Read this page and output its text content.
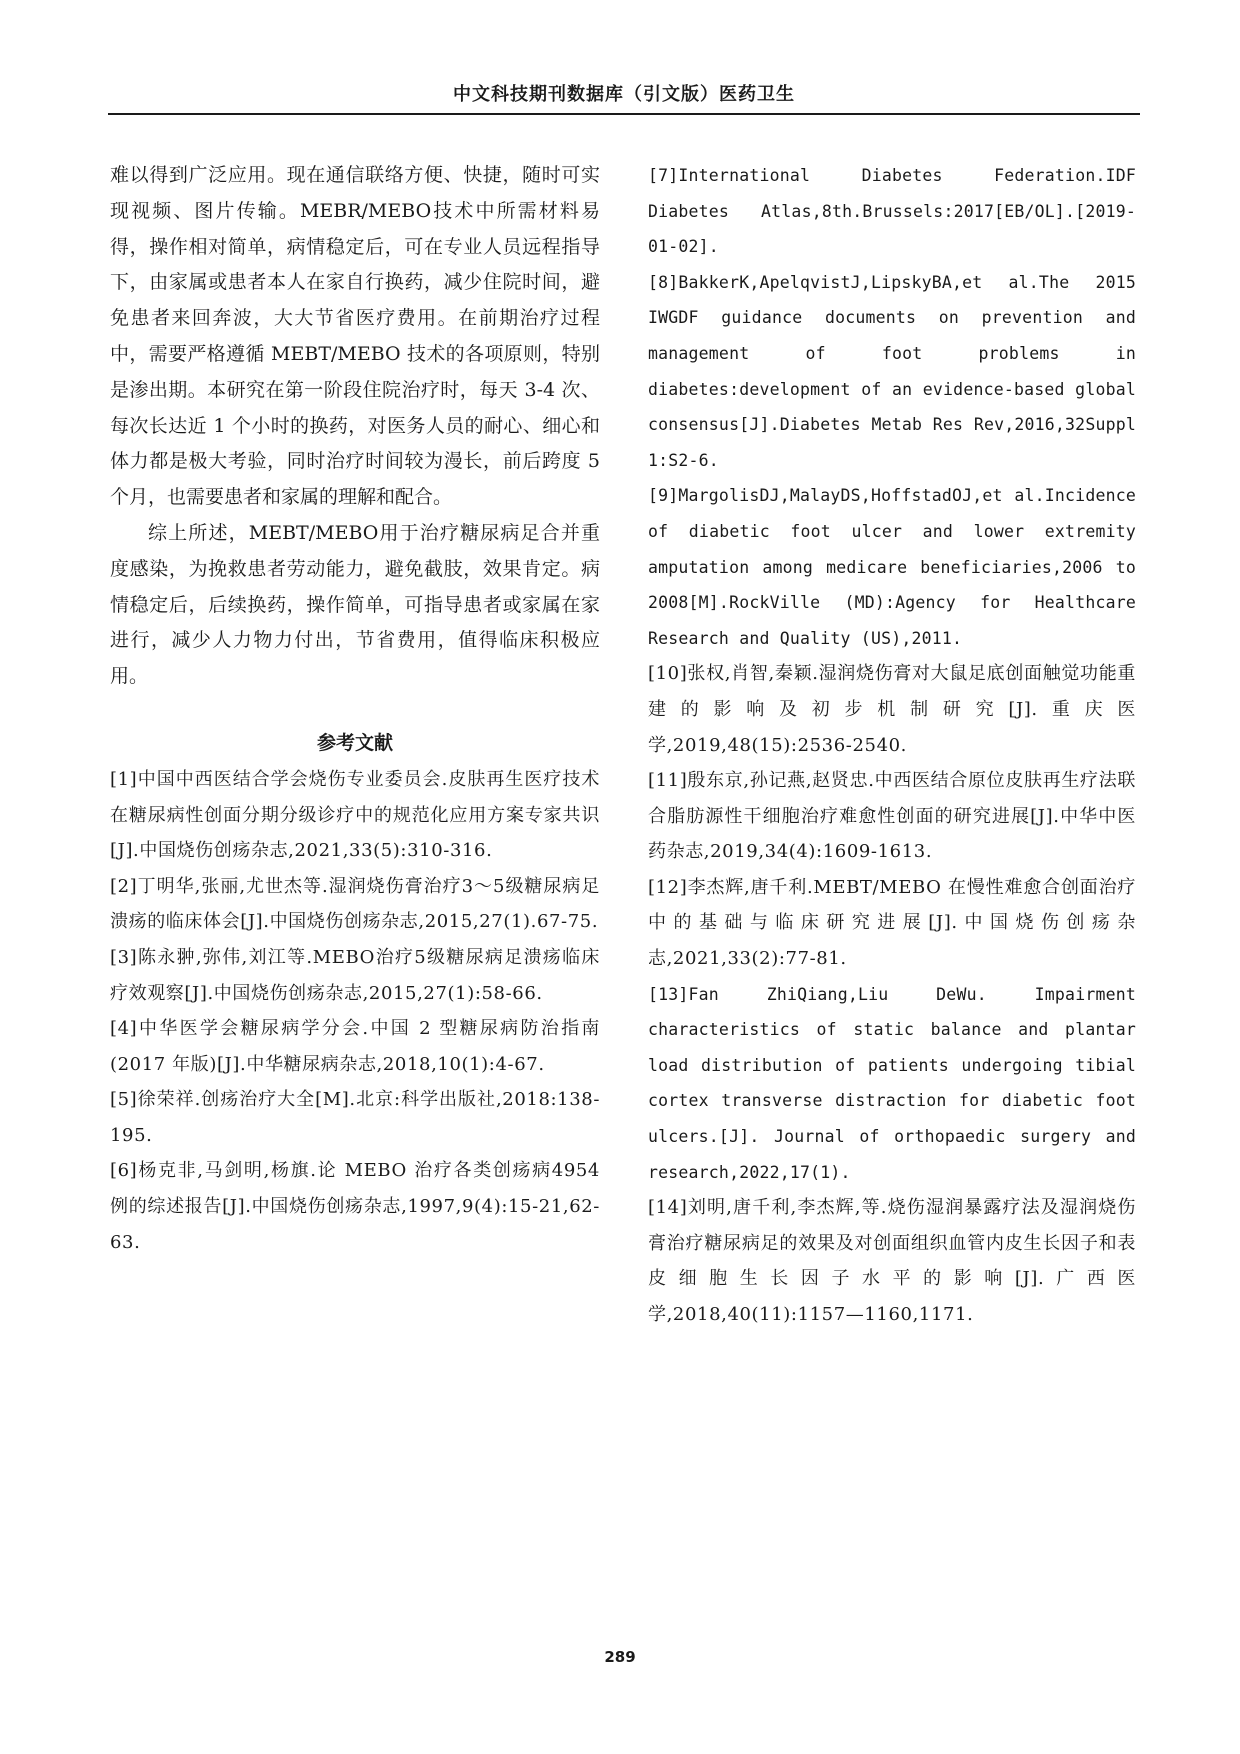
中文科技期刊数据库（引文版）医药卫生

难以得到广泛应用。现在通信联络方便、快捷，随时可实现视频、图片传输。MEBR/MEBO技术中所需材料易得，操作相对简单，病情稳定后，可在专业人员远程指导下，由家属或患者本人在家自行换药，减少住院时间，避免患者来回奔波，大大节省医疗费用。在前期治疗过程中，需要严格遵循 MEBT/MEBO 技术的各项原则，特别是渗出期。本研究在第一阶段住院治疗时，每天 3-4 次、每次长达近 1 个小时的换药，对医务人员的耐心、细心和体力都是极大考验，同时治疗时间较为漫长，前后跨度 5 个月，也需要患者和家属的理解和配合。

综上所述，MEBT/MEBO用于治疗糖尿病足合并重度感染，为挽救患者劳动能力，避免截肢，效果肯定。病情稳定后，后续换药，操作简单，可指导患者或家属在家进行，减少人力物力付出，节省费用，值得临床积极应用。

参考文献

[1]中国中西医结合学会烧伤专业委员会.皮肤再生医疗技术在糖尿病性创面分期分级诊疗中的规范化应用方案专家共识[J].中国烧伤创疡杂志,2021,33(5):310-316.

[2]丁明华,张丽,尤世杰等.湿润烧伤膏治疗3～5级糖尿病足溃疡的临床体会[J].中国烧伤创疡杂志,2015,27(1).67-75.

[3]陈永翀,弥伟,刘江等.MEBO治疗5级糖尿病足溃疡临床疗效观察[J].中国烧伤创疡杂志,2015,27(1):58-66.

[4]中华医学会糖尿病学分会.中国 2 型糖尿病防治指南 (2017 年版)[J].中华糖尿病杂志,2018,10(1):4-67.

[5]徐荣祥.创疡治疗大全[M].北京:科学出版社,2018:138-195.

[6]杨克非,马剑明,杨旗.论 MEBO 治疗各类创疡病4954 例的综述报告[J].中国烧伤创疡杂志,1997,9(4):15-21,62-63.

[7]International Diabetes Federation.IDF Diabetes Atlas,8th.Brussels:2017[EB/OL].[2019-01-02].

[8]BakkerK,ApelqvistJ,LipskyBA,et al.The 2015 IWGDF guidance documents on prevention and management of foot problems in diabetes:development of an evidence-based global consensus[J].Diabetes Metab Res Rev,2016,32Suppl 1:S2-6.

[9]MargolisDJ,MalayDS,HoffstadOJ,et al.Incidence of diabetic foot ulcer and lower extremity amputation among medicare beneficiaries,2006 to 2008[M].RockVille (MD):Agency for Healthcare Research and Quality (US),2011.

[10]张权,肖智,秦颖.湿润烧伤膏对大鼠足底创面触觉功能重建的影响及初步机制研究[J].重庆医学,2019,48(15):2536-2540.

[11]殷东京,孙记燕,赵贤忠.中西医结合原位皮肤再生疗法联合脂肪源性干细胞治疗难愈性创面的研究进展[J].中华中医药杂志,2019,34(4):1609-1613.

[12]李杰辉,唐千利.MEBT/MEBO 在慢性难愈合创面治疗中的基础与临床研究进展[J].中国烧伤创疡杂志,2021,33(2):77-81.

[13]Fan ZhiQiang,Liu DeWu. Impairment characteristics of static balance and plantar load distribution of patients undergoing tibial cortex transverse distraction for diabetic foot ulcers.[J]. Journal of orthopaedic surgery and research,2022,17(1).

[14]刘明,唐千利,李杰辉,等.烧伤湿润暴露疗法及湿润烧伤膏治疗糖尿病足的效果及对创面组织血管内皮生长因子和表皮细胞生长因子水平的影响[J].广西医学,2018,40(11):1157—1160,1171.

289
